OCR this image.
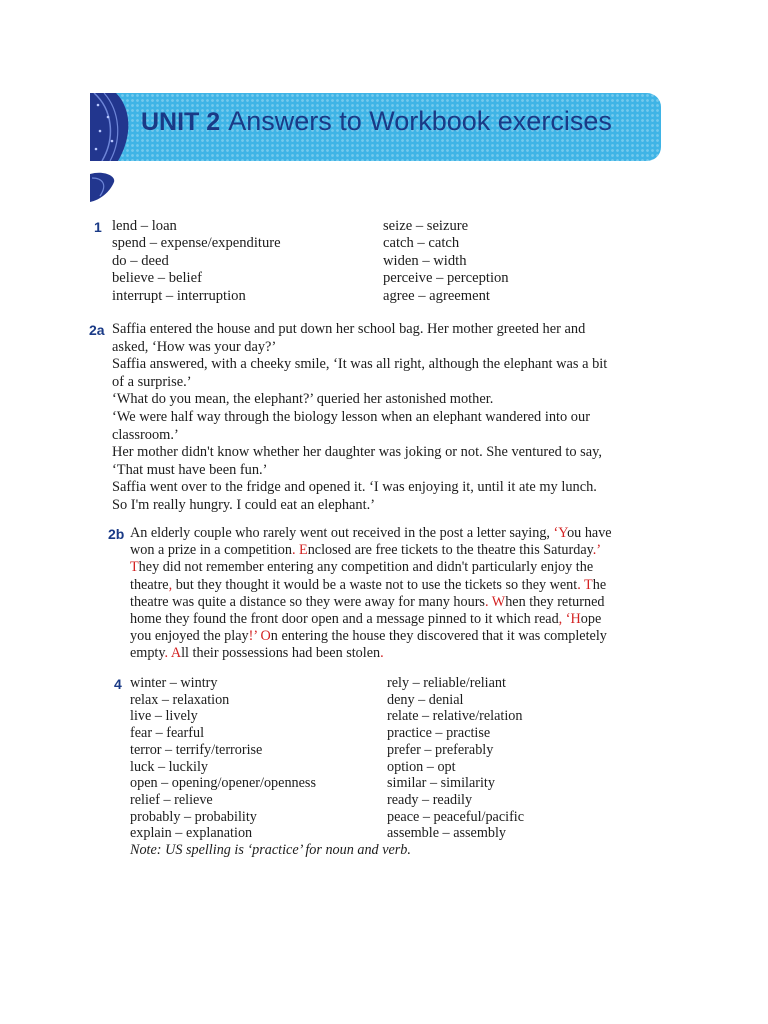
UNIT 2 Answers to Workbook exercises
1 lend – loan
spend – expense/expenditure
do – deed
believe – belief
interrupt – interruption
seize – seizure
catch – catch
widen – width
perceive – perception
agree – agreement
2a Saffia entered the house and put down her school bag. Her mother greeted her and
asked, ‘How was your day?’
Saffia answered, with a cheeky smile, ‘It was all right, although the elephant was a bit
of a surprise.’
‘What do you mean, the elephant?’ queried her astonished mother.
‘We were half way through the biology lesson when an elephant wandered into our
classroom.’
Her mother didn't know whether her daughter was joking or not. She ventured to say,
‘That must have been fun.’
Saffia went over to the fridge and opened it. ‘I was enjoying it, until it ate my lunch.
So I'm really hungry. I could eat an elephant.’
2b An elderly couple who rarely went out received in the post a letter saying, ‘You have
won a prize in a competition. Enclosed are free tickets to the theatre this Saturday.’
They did not remember entering any competition and didn't particularly enjoy the
theatre, but they thought it would be a waste not to use the tickets so they went. The
theatre was quite a distance so they were away for many hours. When they returned
home they found the front door open and a message pinned to it which read, ‘Hope
you enjoyed the play!’ On entering the house they discovered that it was completely
empty. All their possessions had been stolen.
4 winter – wintry
relax – relaxation
live – lively
fear – fearful
terror – terrify/terrorise
luck – luckily
open – opening/opener/openness
relief – relieve
probably – probability
explain – explanation
Note: US spelling is ‘practice’ for noun and verb.
rely – reliable/reliant
deny – denial
relate – relative/relation
practice – practise
prefer – preferably
option – opt
similar – similarity
ready – readily
peace – peaceful/pacific
assemble – assembly
